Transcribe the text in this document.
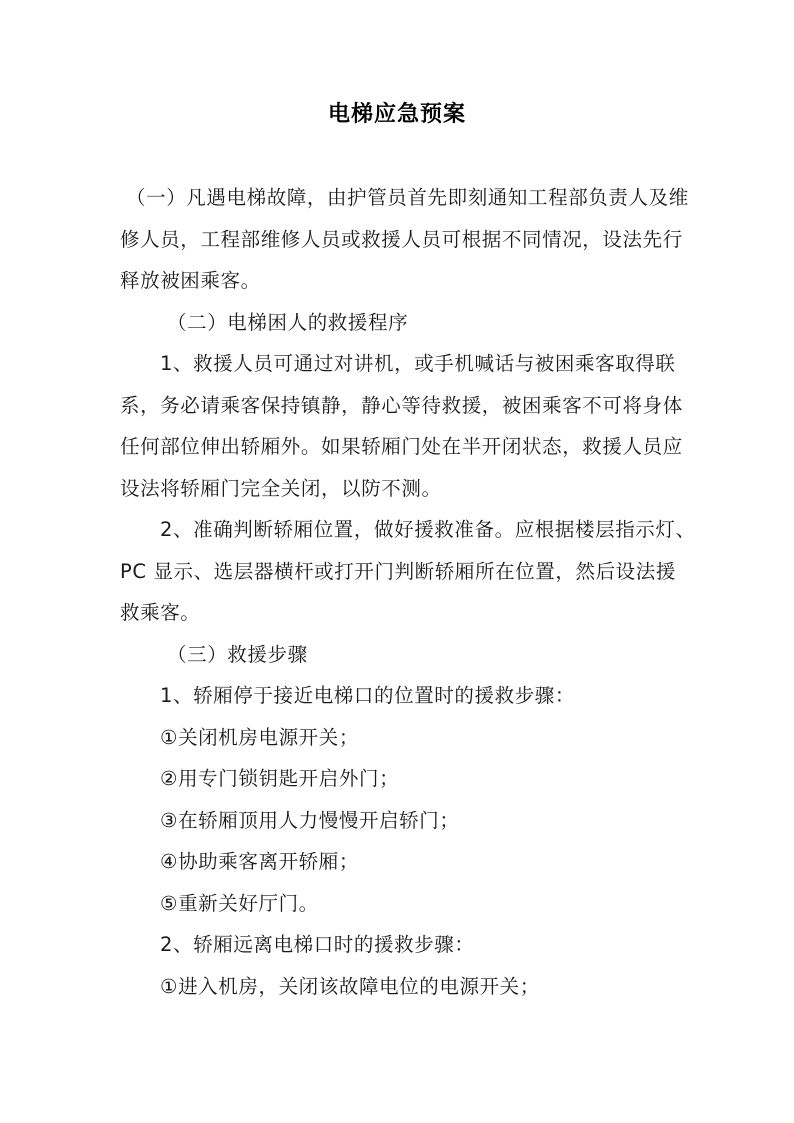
电梯应急预案
（一）凡遇电梯故障，由护管员首先即刻通知工程部负责人及维
修人员，工程部维修人员或救援人员可根据不同情况，设法先行
释放被困乘客。
（二）电梯困人的救援程序
1、救援人员可通过对讲机，或手机喊话与被困乘客取得联
系，务必请乘客保持镇静，静心等待救援，被困乘客不可将身体
任何部位伸出轿厢外。如果轿厢门处在半开闭状态，救援人员应
设法将轿厢门完全关闭，以防不测。
2、准确判断轿厢位置，做好援救准备。应根据楼层指示灯、
PC 显示、选层器横杆或打开门判断轿厢所在位置，然后设法援
救乘客。
（三）救援步骤
1、轿厢停于接近电梯口的位置时的援救步骤：
①关闭机房电源开关；
②用专门锁钥匙开启外门；
③在轿厢顶用人力慢慢开启轿门；
④协助乘客离开轿厢；
⑤重新关好厅门。
2、轿厢远离电梯口时的援救步骤：
①进入机房，关闭该故障电位的电源开关；
